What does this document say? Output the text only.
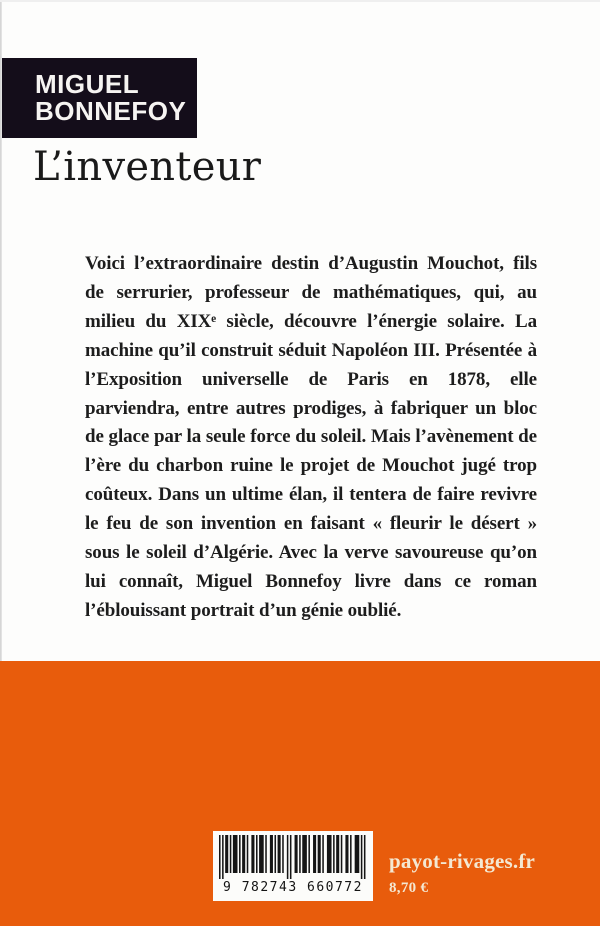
MIGUEL
BONNEFOY
L’inventeur

Voici l’extraordinaire destin d’Augustin Mouchot, fils de serrurier, professeur de mathématiques, qui, au milieu du XIXᵉ siècle, découvre l’énergie solaire. La machine qu’il construit séduit Napoléon III. Présentée à l’Exposition universelle de Paris en 1878, elle parviendra, entre autres prodiges, à fabriquer un bloc de glace par la seule force du soleil. Mais l’avènement de l’ère du charbon ruine le projet de Mouchot jugé trop coûteux. Dans un ultime élan, il tentera de faire revivre le feu de son invention en faisant « fleurir le désert » sous le soleil d’Algérie. Avec la verve savoureuse qu’on lui connaît, Miguel Bonnefoy livre dans ce roman l’éblouissant portrait d’un génie oublié.

9 782743 660772
payot-rivages.fr
8,70 €
